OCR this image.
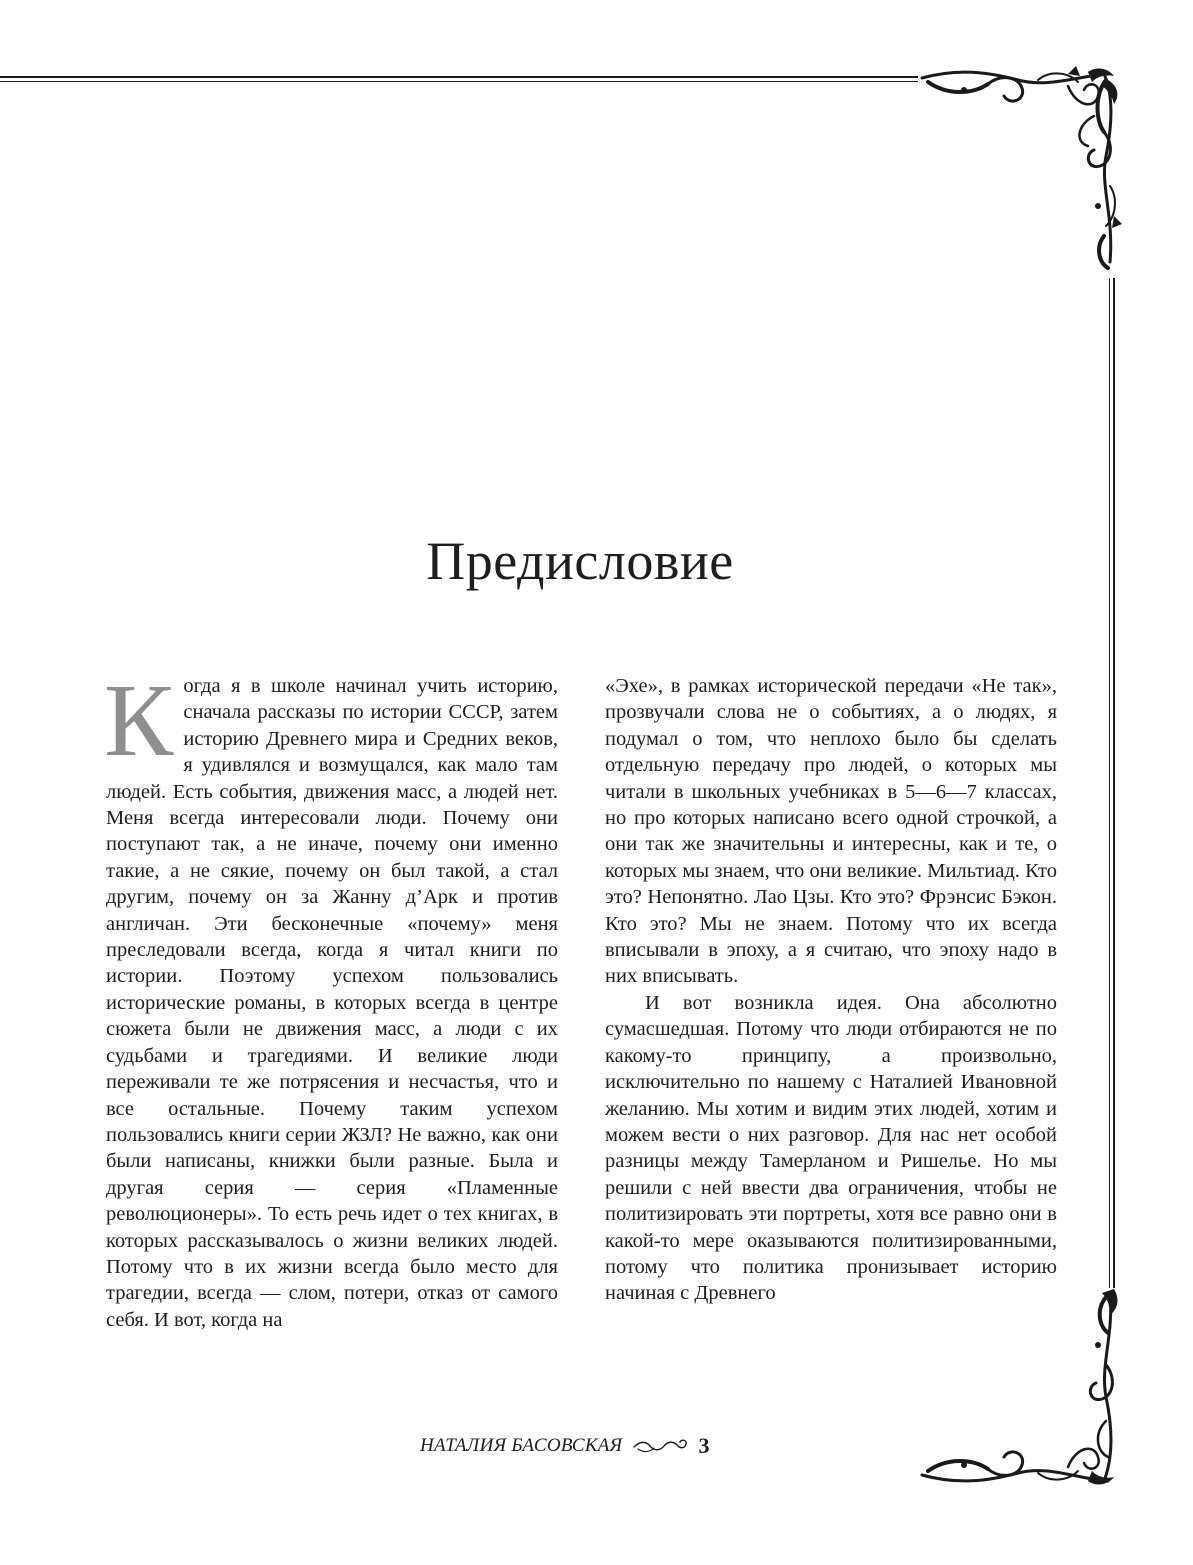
Предисловие

Когда я в школе начинал учить историю, сначала рассказы по истории СССР, затем историю Древнего мира и Средних веков, я удивлялся и возмущался, как мало там людей. Есть события, движения масс, а людей нет. Меня всегда интересовали люди. Почему они поступают так, а не иначе, почему они именно такие, а не сякие, почему он был такой, а стал другим, почему он за Жанну д’Арк и против англичан. Эти бесконечные «почему» меня преследовали всегда, когда я читал книги по истории. Поэтому успехом пользовались исторические романы, в которых всегда в центре сюжета были не движения масс, а люди с их судьбами и трагедиями. И великие люди переживали те же потрясения и несчастья, что и все остальные. Почему таким успехом пользовались книги серии ЖЗЛ? Не важно, как они были написаны, книжки были разные. Была и другая серия — серия «Пламенные революционеры». То есть речь идет о тех книгах, в которых рассказывалось о жизни великих людей. Потому что в их жизни всегда было место для трагедии, всегда — слом, потери, отказ от самого себя. И вот, когда на

«Эхе», в рамках исторической передачи «Не так», прозвучали слова не о событиях, а о людях, я подумал о том, что неплохо было бы сделать отдельную передачу про людей, о которых мы читали в школьных учебниках в 5—6—7 классах, но про которых написано всего одной строчкой, а они так же значительны и интересны, как и те, о которых мы знаем, что они великие. Мильтиад. Кто это? Непонятно. Лао Цзы. Кто это? Фрэнсис Бэкон. Кто это? Мы не знаем. Потому что их всегда вписывали в эпоху, а я считаю, что эпоху надо в них вписывать.

И вот возникла идея. Она абсолютно сумасшедшая. Потому что люди отбираются не по какому-то принципу, а произвольно, исключительно по нашему с Наталией Ивановной желанию. Мы хотим и видим этих людей, хотим и можем вести о них разговор. Для нас нет особой разницы между Тамерланом и Ришелье. Но мы решили с ней ввести два ограничения, чтобы не политизировать эти портреты, хотя все равно они в какой-то мере оказываются политизированными, потому что политика пронизывает историю начиная с Древнего

НАТАЛИЯ БАСОВСКАЯ	3
